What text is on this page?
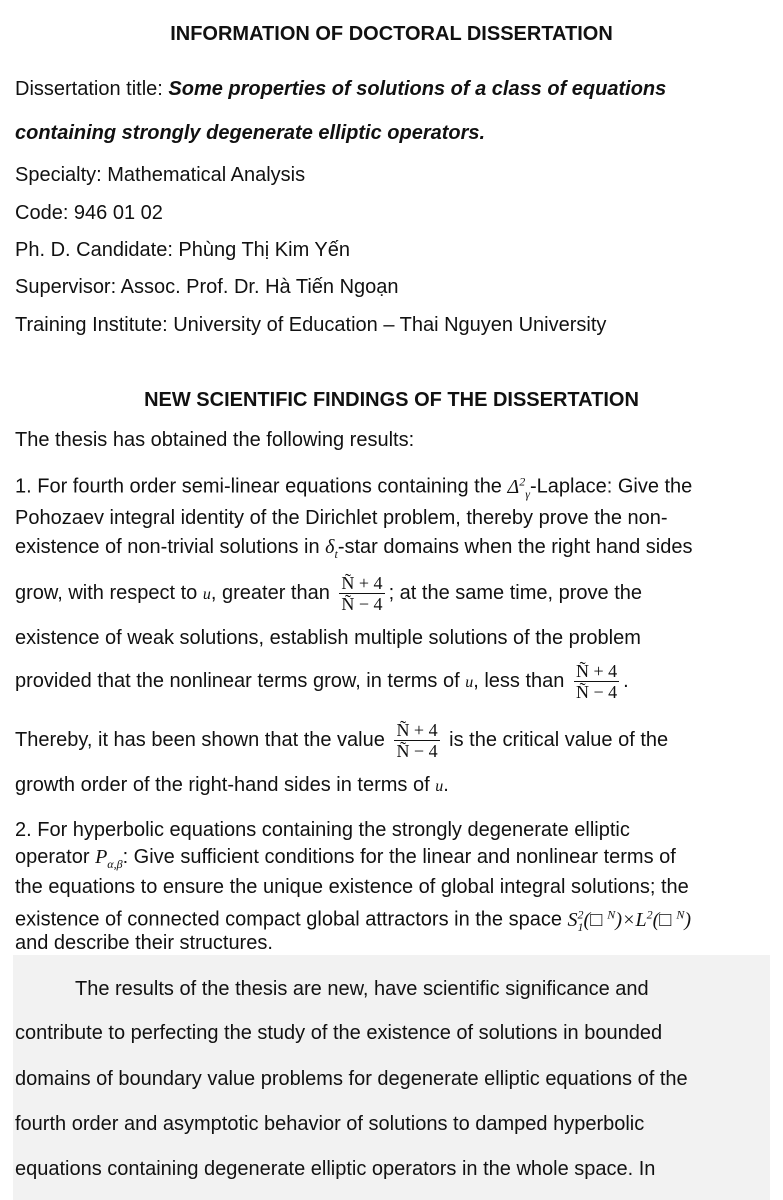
INFORMATION OF DOCTORAL DISSERTATION
Dissertation title: Some properties of solutions of a class of equations
containing strongly degenerate elliptic operators.
Specialty: Mathematical Analysis
Code: 946 01 02
Ph. D. Candidate: Phùng Thị Kim Yến
Supervisor: Assoc. Prof. Dr. Hà Tiến Ngoạn
Training Institute: University of Education – Thai Nguyen University
NEW SCIENTIFIC FINDINGS OF THE DISSERTATION
The thesis has obtained the following results:
1. For fourth order semi-linear equations containing the $\Delta^2_\gamma$-Laplace: Give the
Pohozaev integral identity of the Dirichlet problem, thereby prove the non-
existence of non-trivial solutions in $\delta_t$-star domains when the right hand sides
grow, with respect to u, greater than $\frac{Ñ + 4}{Ñ - 4}$ ; at the same time, prove the
existence of weak solutions, establish multiple solutions of the problem
provided that the nonlinear terms grow, in terms of u, less than $\frac{Ñ + 4}{Ñ - 4}$ .
Thereby, it has been shown that the value $\frac{Ñ + 4}{Ñ - 4}$ is the critical value of the
growth order of the right-hand sides in terms of u.
2. For hyperbolic equations containing the strongly degenerate elliptic
operator $P_{\alpha,\beta}$: Give sufficient conditions for the linear and nonlinear terms of
the equations to ensure the unique existence of global integral solutions; the
existence of connected compact global attractors in the space $S^2_1(□$ $^N)\times L^2(□$ $^N$)
and describe their structures.
The results of the thesis are new, have scientific significance and
contribute to perfecting the study of the existence of solutions in bounded
domains of boundary value problems for degenerate elliptic equations of the
fourth order and asymptotic behavior of solutions to damped hyperbolic
equations containing degenerate elliptic operators in the whole space. In
